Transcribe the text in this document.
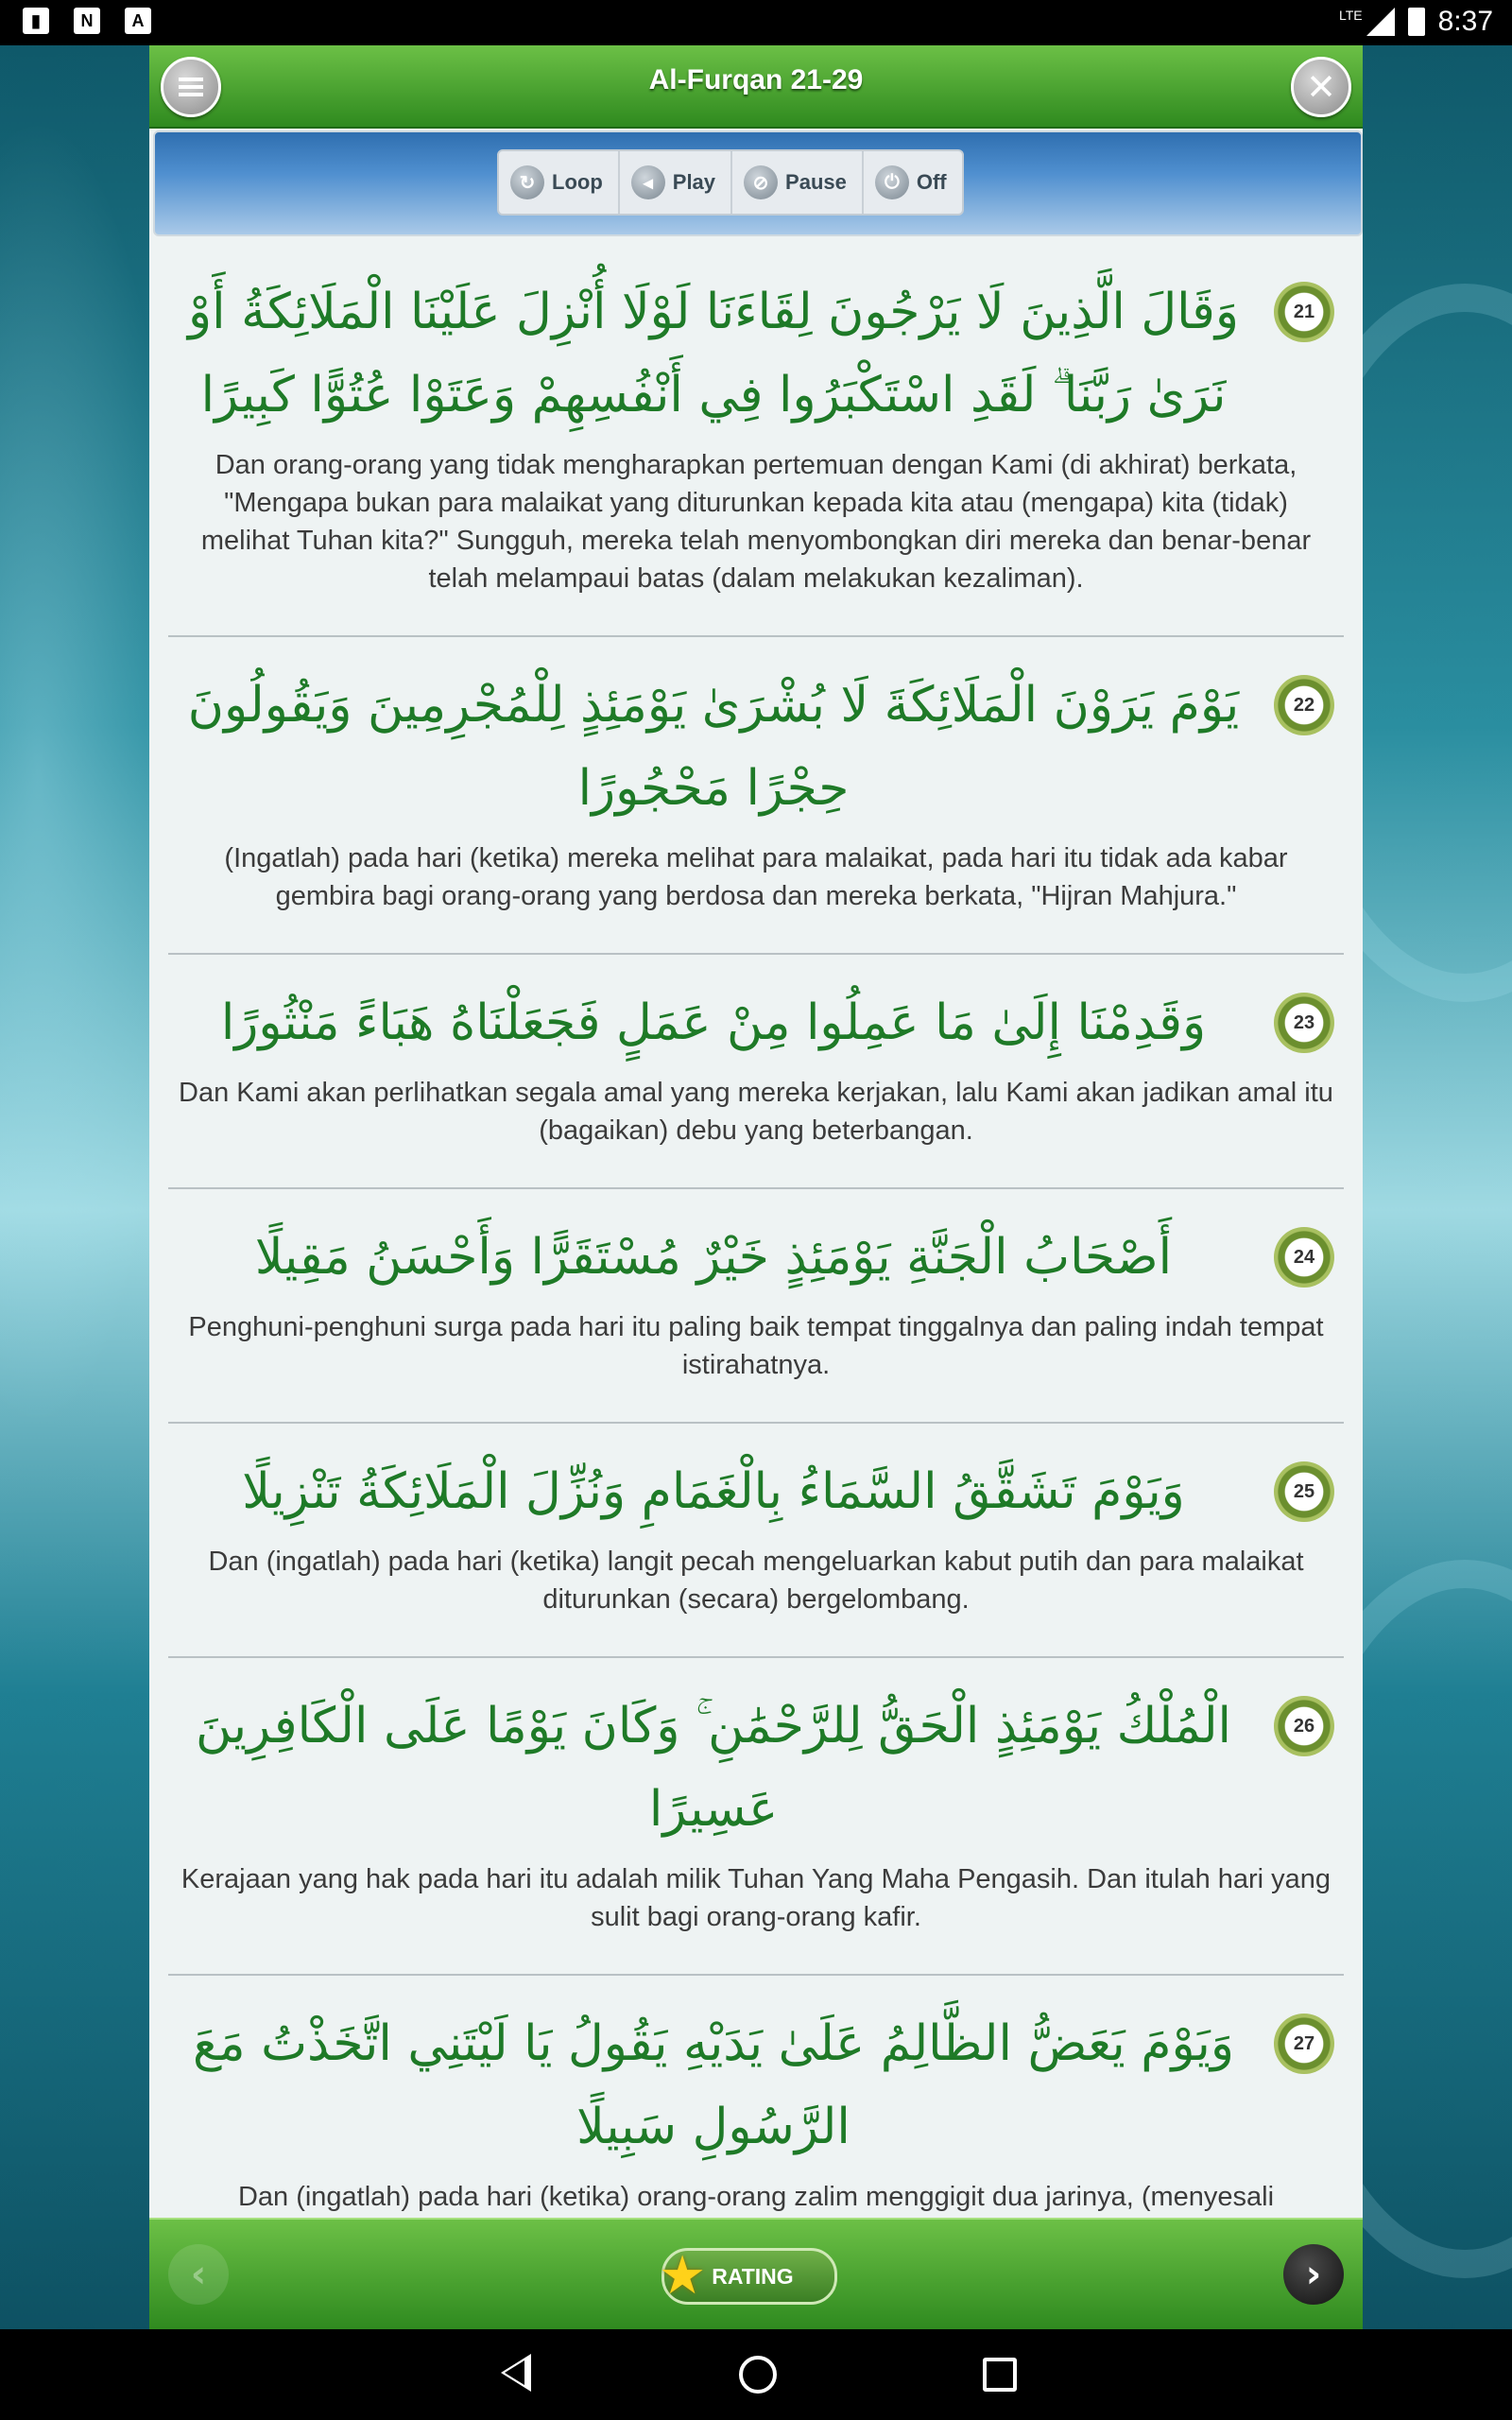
▮	N	A	LTE	8:37
Al-Furqan 21-29	✕
↻ Loop	◂ Play	⊘ Pause	⏻ Off
21
وَقَالَ الَّذِينَ لَا يَرْجُونَ لِقَاءَنَا لَوْلَا أُنْزِلَ عَلَيْنَا الْمَلَائِكَةُ أَوْ نَرَىٰ رَبَّنَا ۗ لَقَدِ اسْتَكْبَرُوا فِي أَنْفُسِهِمْ وَعَتَوْا عُتُوًّا كَبِيرًا
Dan orang-orang yang tidak mengharapkan pertemuan dengan Kami (di akhirat) berkata, "Mengapa bukan para malaikat yang diturunkan kepada kita atau (mengapa) kita (tidak) melihat Tuhan kita?" Sungguh, mereka telah menyombongkan diri mereka dan benar-benar telah melampaui batas (dalam melakukan kezaliman).
22
يَوْمَ يَرَوْنَ الْمَلَائِكَةَ لَا بُشْرَىٰ يَوْمَئِذٍ لِلْمُجْرِمِينَ وَيَقُولُونَ حِجْرًا مَحْجُورًا
(Ingatlah) pada hari (ketika) mereka melihat para malaikat, pada hari itu tidak ada kabar gembira bagi orang-orang yang berdosa dan mereka berkata, "Hijran Mahjura."
23
وَقَدِمْنَا إِلَىٰ مَا عَمِلُوا مِنْ عَمَلٍ فَجَعَلْنَاهُ هَبَاءً مَنْثُورًا
Dan Kami akan perlihatkan segala amal yang mereka kerjakan, lalu Kami akan jadikan amal itu (bagaikan) debu yang beterbangan.
24
أَصْحَابُ الْجَنَّةِ يَوْمَئِذٍ خَيْرٌ مُسْتَقَرًّا وَأَحْسَنُ مَقِيلًا
Penghuni-penghuni surga pada hari itu paling baik tempat tinggalnya dan paling indah tempat istirahatnya.
25
وَيَوْمَ تَشَقَّقُ السَّمَاءُ بِالْغَمَامِ وَنُزِّلَ الْمَلَائِكَةُ تَنْزِيلًا
Dan (ingatlah) pada hari (ketika) langit pecah mengeluarkan kabut putih dan para malaikat diturunkan (secara) bergelombang.
26
الْمُلْكُ يَوْمَئِذٍ الْحَقُّ لِلرَّحْمَٰنِ ۚ وَكَانَ يَوْمًا عَلَى الْكَافِرِينَ عَسِيرًا
Kerajaan yang hak pada hari itu adalah milik Tuhan Yang Maha Pengasih. Dan itulah hari yang sulit bagi orang-orang kafir.
27
وَيَوْمَ يَعَضُّ الظَّالِمُ عَلَىٰ يَدَيْهِ يَقُولُ يَا لَيْتَنِي اتَّخَذْتُ مَعَ الرَّسُولِ سَبِيلًا
Dan (ingatlah) pada hari (ketika) orang-orang zalim menggigit dua jarinya, (menyesali
‹	★ RATING	›
